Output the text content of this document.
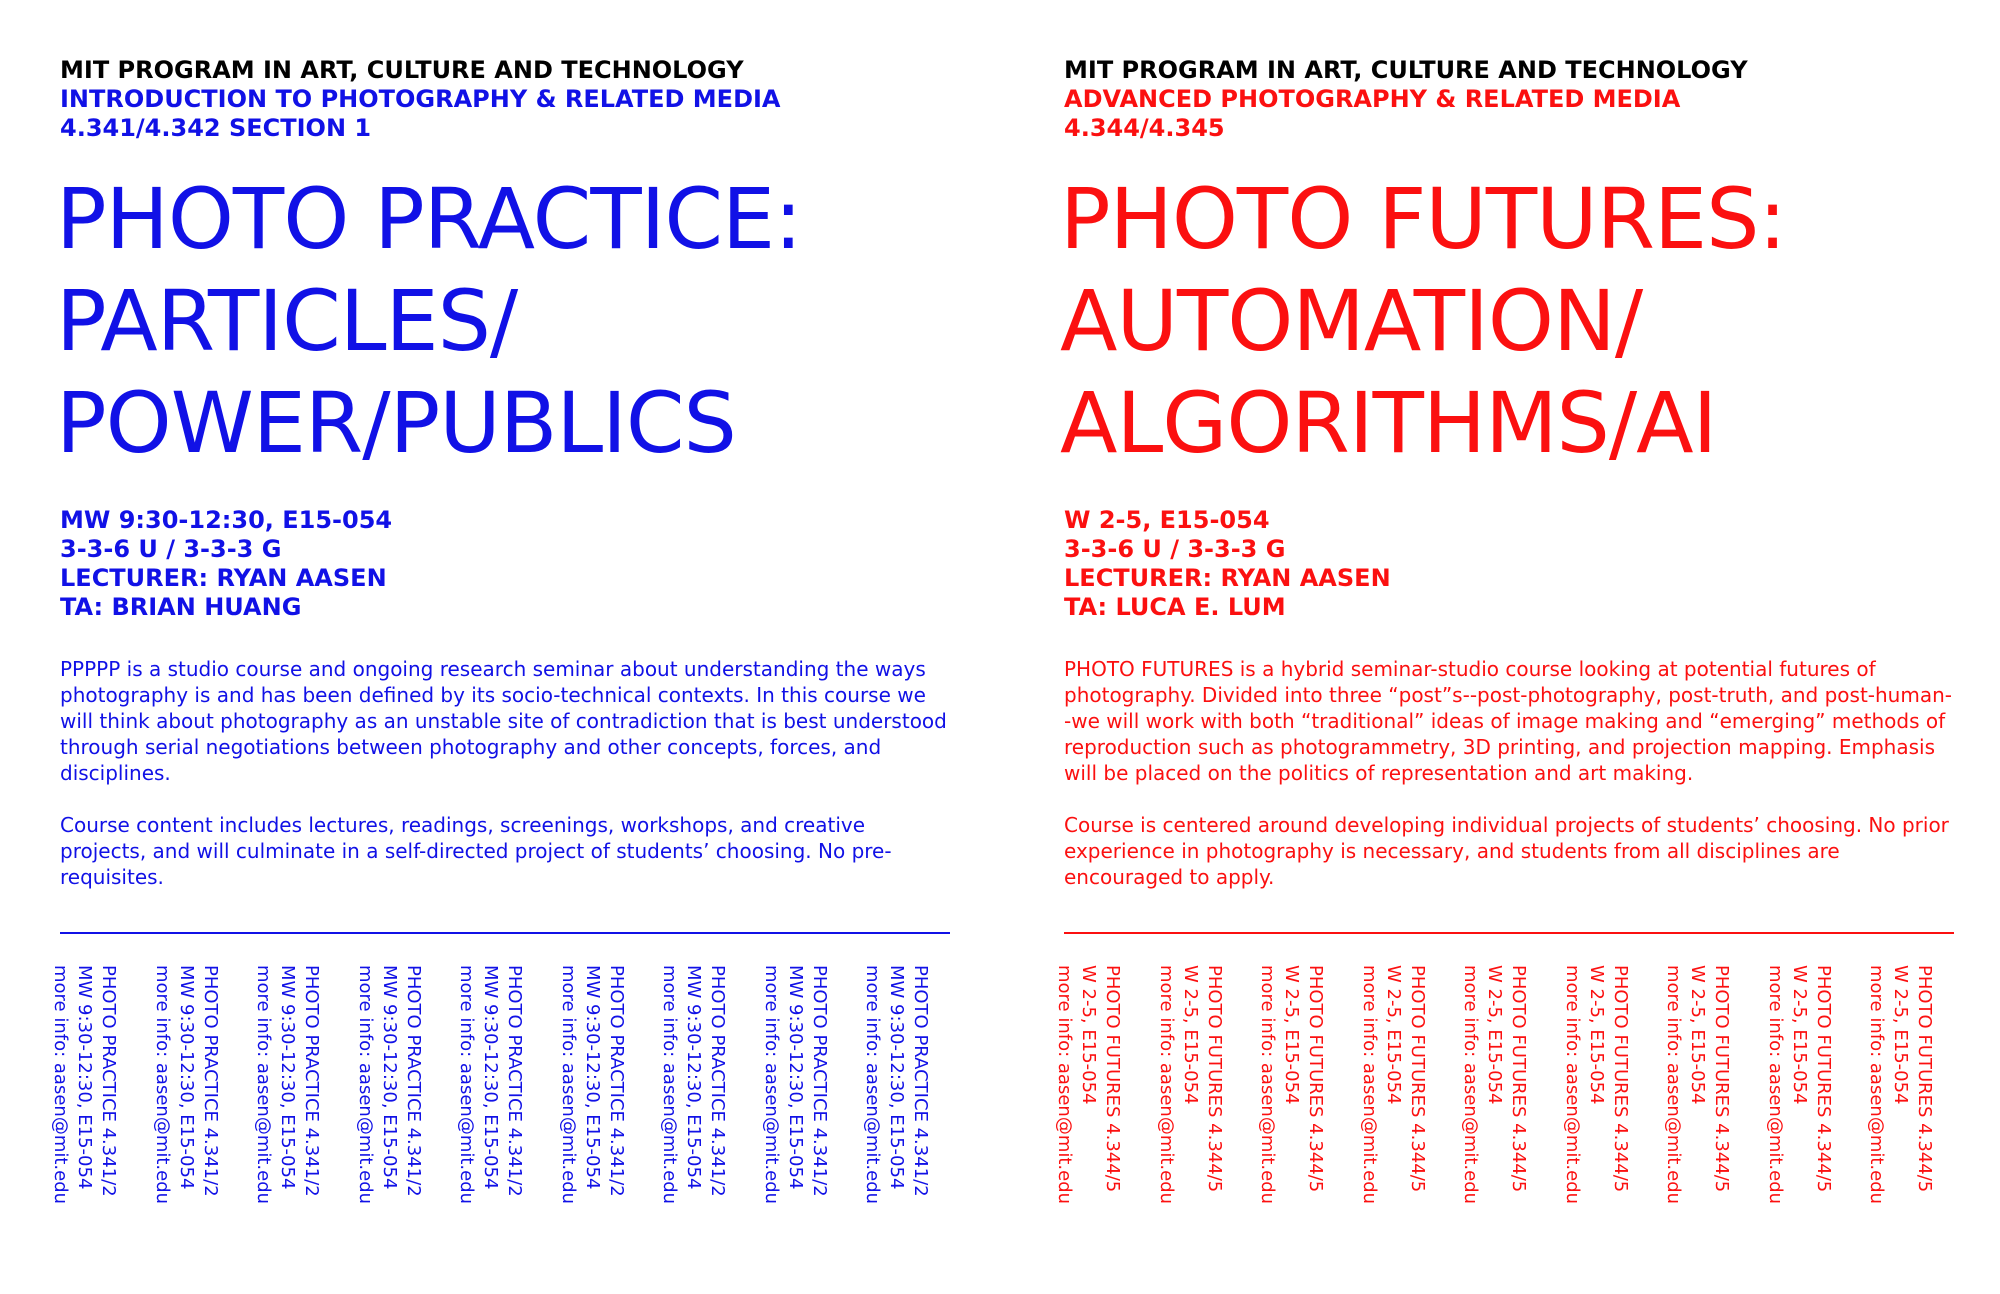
MIT PROGRAM IN ART, CULTURE AND TECHNOLOGY
INTRODUCTION TO PHOTOGRAPHY & RELATED MEDIA
4.341/4.342 SECTION 1
PHOTO PRACTICE:
PARTICLES/
POWER/PUBLICS
MW 9:30-12:30, E15-054
3-3-6 U / 3-3-3 G
LECTURER: RYAN AASEN
TA: BRIAN HUANG

PPPPP is a studio course and ongoing research seminar about understanding the ways photography is and has been defined by its socio-technical contexts. In this course we will think about photography as an unstable site of contradiction that is best understood through serial negotiations between photography and other concepts, forces, and disciplines.

Course content includes lectures, readings, screenings, workshops, and creative projects, and will culminate in a self-directed project of students’ choosing. No pre-requisites.

PHOTO PRACTICE 4.341/2
MW 9:30-12:30, E15-054
more info: aasen@mit.edu	PHOTO PRACTICE 4.341/2
MW 9:30-12:30, E15-054
more info: aasen@mit.edu	PHOTO PRACTICE 4.341/2
MW 9:30-12:30, E15-054
more info: aasen@mit.edu	PHOTO PRACTICE 4.341/2
MW 9:30-12:30, E15-054
more info: aasen@mit.edu	PHOTO PRACTICE 4.341/2
MW 9:30-12:30, E15-054
more info: aasen@mit.edu	PHOTO PRACTICE 4.341/2
MW 9:30-12:30, E15-054
more info: aasen@mit.edu	PHOTO PRACTICE 4.341/2
MW 9:30-12:30, E15-054
more info: aasen@mit.edu	PHOTO PRACTICE 4.341/2
MW 9:30-12:30, E15-054
more info: aasen@mit.edu	PHOTO PRACTICE 4.341/2
MW 9:30-12:30, E15-054
more info: aasen@mit.edu
MIT PROGRAM IN ART, CULTURE AND TECHNOLOGY
ADVANCED PHOTOGRAPHY & RELATED MEDIA
4.344/4.345
PHOTO FUTURES:
AUTOMATION/
ALGORITHMS/AI
W 2-5, E15-054
3-3-6 U / 3-3-3 G
LECTURER: RYAN AASEN
TA: LUCA E. LUM

PHOTO FUTURES is a hybrid seminar-studio course looking at potential futures of photography. Divided into three “post”s--post-photography, post-truth, and post-human--we will work with both “traditional” ideas of image making and “emerging” methods of reproduction such as photogrammetry, 3D printing, and projection mapping. Emphasis will be placed on the politics of representation and art making.

Course is centered around developing individual projects of students’ choosing. No prior experience in photography is necessary, and students from all disciplines are encouraged to apply.

PHOTO FUTURES 4.344/5
W 2-5, E15-054
more info: aasen@mit.edu	PHOTO FUTURES 4.344/5
W 2-5, E15-054
more info: aasen@mit.edu	PHOTO FUTURES 4.344/5
W 2-5, E15-054
more info: aasen@mit.edu	PHOTO FUTURES 4.344/5
W 2-5, E15-054
more info: aasen@mit.edu	PHOTO FUTURES 4.344/5
W 2-5, E15-054
more info: aasen@mit.edu	PHOTO FUTURES 4.344/5
W 2-5, E15-054
more info: aasen@mit.edu	PHOTO FUTURES 4.344/5
W 2-5, E15-054
more info: aasen@mit.edu	PHOTO FUTURES 4.344/5
W 2-5, E15-054
more info: aasen@mit.edu	PHOTO FUTURES 4.344/5
W 2-5, E15-054
more info: aasen@mit.edu
